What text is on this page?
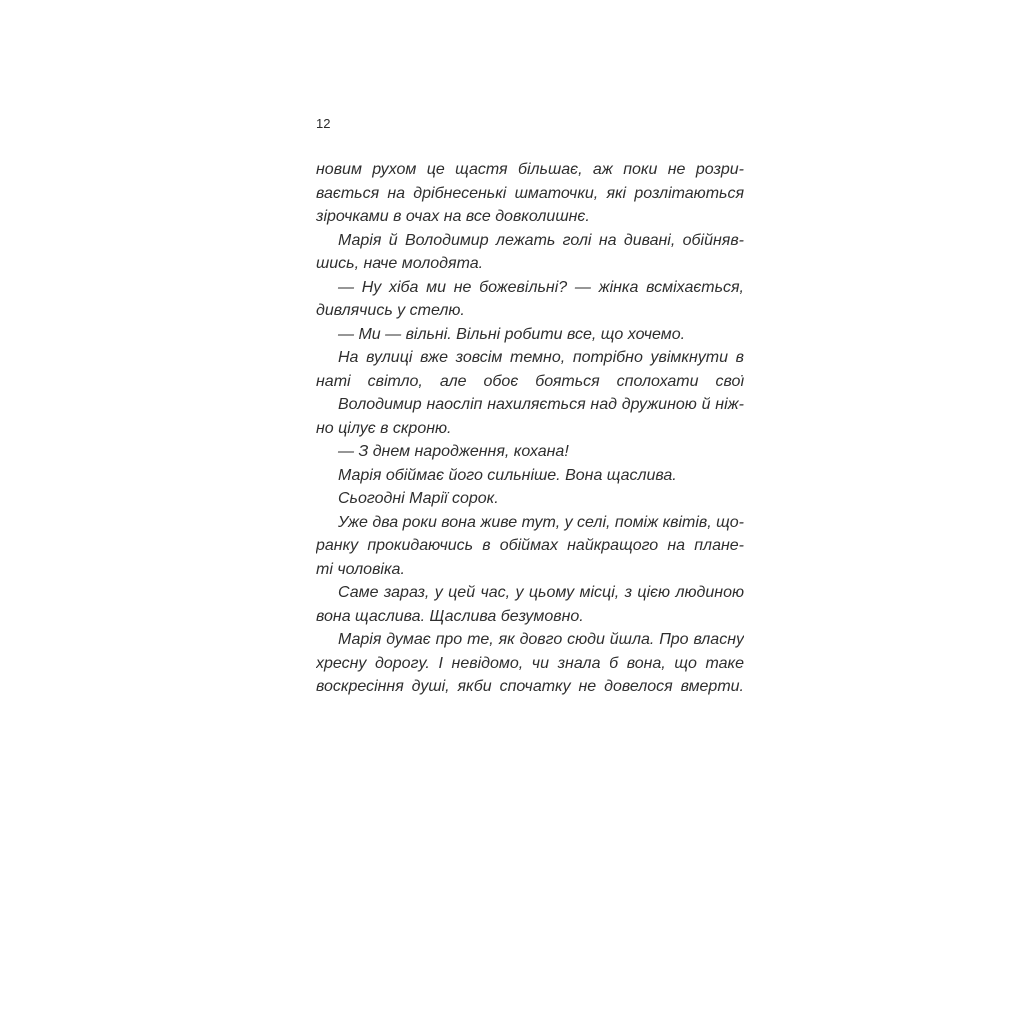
12
новим рухом це щастя більшає, аж поки не розри-
вається на дрібнесенькі шматочки, які розлітаються
зірочками в очах на все довколишнє.
Марія й Володимир лежать голі на дивані, обійняв-
шись, наче молодята.
— Ну хіба ми не божевільні? — жінка всміхається,
дивлячись у стелю.
— Ми — вільні. Вільні робити все, що хочемо.
На вулиці вже зовсім темно, потрібно увімкнути в
наті світло, але обоє бояться сполохати свої
Володимир наосліп нахиляється над дружиною й ніж-
но цілує в скроню.
— З днем народження, кохана!
Марія обіймає його сильніше. Вона щаслива.
Сьогодні Марії сорок.
Уже два роки вона живе тут, у селі, поміж квітів, що-
ранку прокидаючись в обіймах найкращого на плане-
ті чоловіка.
Саме зараз, у цей час, у цьому місці, з цією людиною
вона щаслива. Щаслива безумовно.
Марія думає про те, як довго сюди йшла. Про власну
хресну дорогу. І невідомо, чи знала б вона, що таке
воскресіння душі, якби спочатку не довелося вмерти.
